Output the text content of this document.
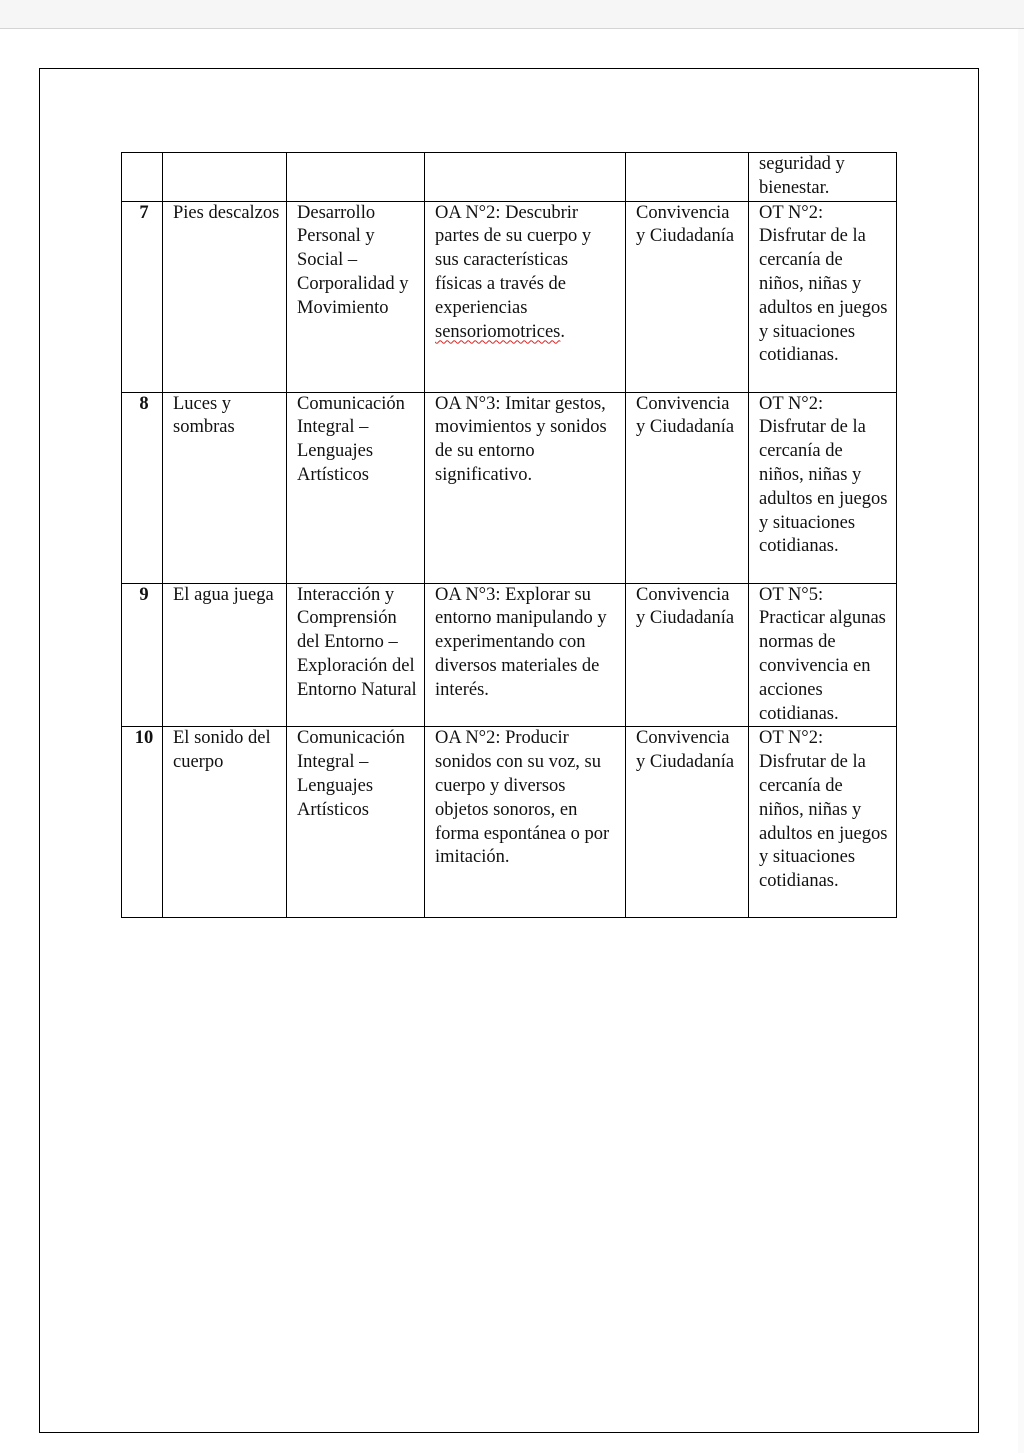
					seguridad y bienestar.
7	Pies descalzos	Desarrollo Personal y Social – Corporalidad y Movimiento	OA N°2: Descubrir partes de su cuerpo y sus características físicas a través de experiencias sensoriomotrices.	Convivencia y Ciudadanía	OT N°2: Disfrutar de la cercanía de niños, niñas y adultos en juegos y situaciones cotidianas.
8	Luces y sombras	Comunicación Integral – Lenguajes Artísticos	OA N°3: Imitar gestos, movimientos y sonidos de su entorno significativo.	Convivencia y Ciudadanía	OT N°2: Disfrutar de la cercanía de niños, niñas y adultos en juegos y situaciones cotidianas.
9	El agua juega	Interacción y Comprensión del Entorno – Exploración del Entorno Natural	OA N°3: Explorar su entorno manipulando y experimentando con diversos materiales de interés.	Convivencia y Ciudadanía	OT N°5: Practicar algunas normas de convivencia en acciones cotidianas.
10	El sonido del cuerpo	Comunicación Integral – Lenguajes Artísticos	OA N°2: Producir sonidos con su voz, su cuerpo y diversos objetos sonoros, en forma espontánea o por imitación.	Convivencia y Ciudadanía	OT N°2: Disfrutar de la cercanía de niños, niñas y adultos en juegos y situaciones cotidianas.
